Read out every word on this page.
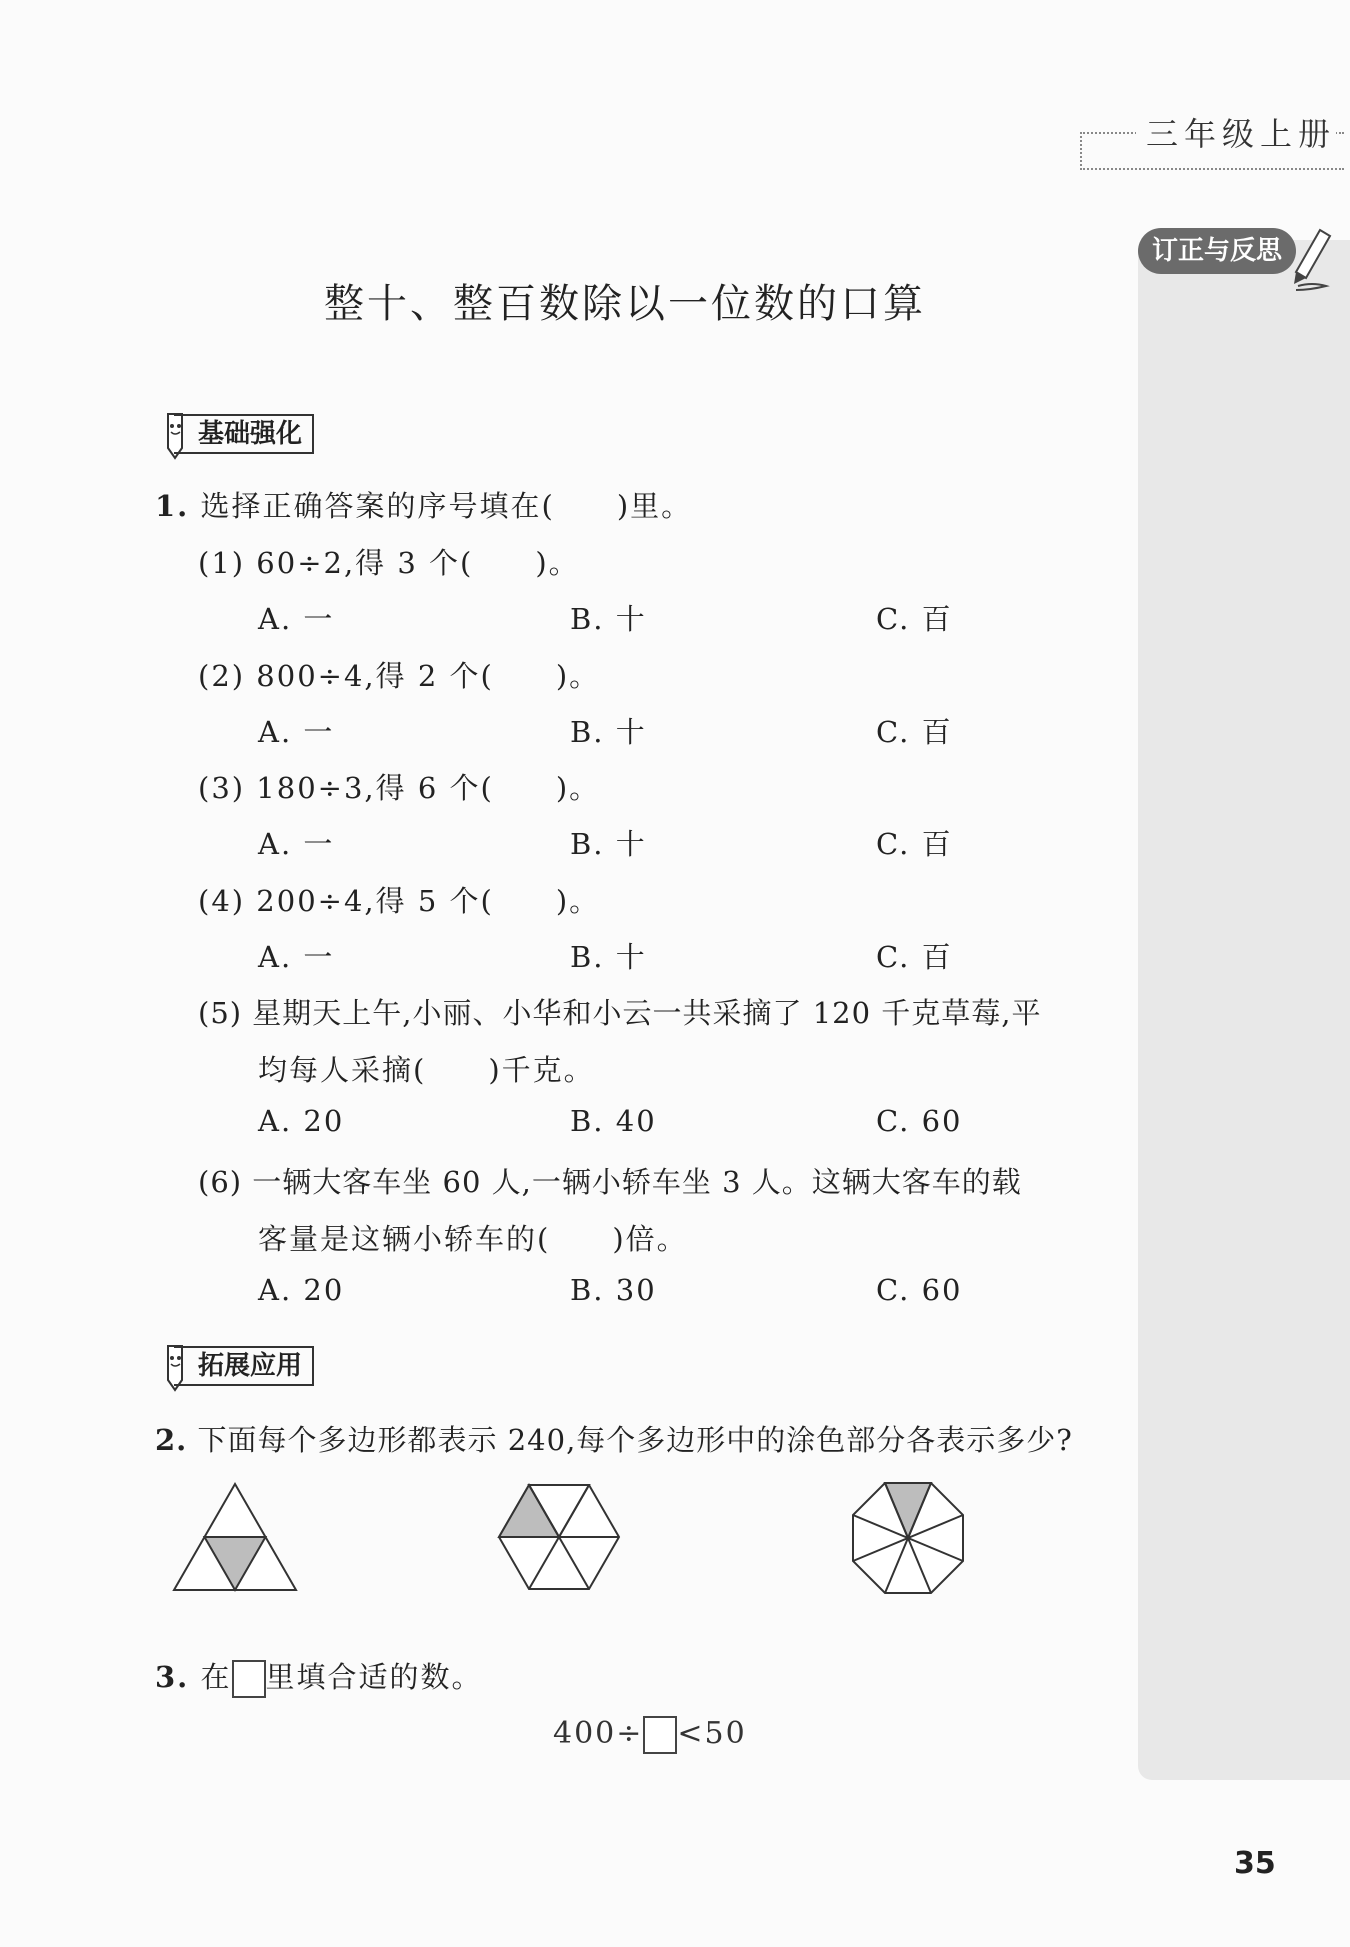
三年级上册
订正与反思
整十、整百数除以一位数的口算
基础强化
1. 选择正确答案的序号填在(　　)里。
(1) 60÷2,得 3 个(　　)。
A. 一	B. 十	C. 百
(2) 800÷4,得 2 个(　　)。
A. 一	B. 十	C. 百
(3) 180÷3,得 6 个(　　)。
A. 一	B. 十	C. 百
(4) 200÷4,得 5 个(　　)。
A. 一	B. 十	C. 百
(5) 星期天上午,小丽、小华和小云一共采摘了 120 千克草莓,平
均每人采摘(　　)千克。
A. 20	B. 40	C. 60
(6) 一辆大客车坐 60 人,一辆小轿车坐 3 人。这辆大客车的载
客量是这辆小轿车的(　　)倍。
A. 20	B. 30	C. 60
拓展应用
2. 下面每个多边形都表示 240,每个多边形中的涂色部分各表示多少?
3. 在 里填合适的数。
400÷ <50
35
